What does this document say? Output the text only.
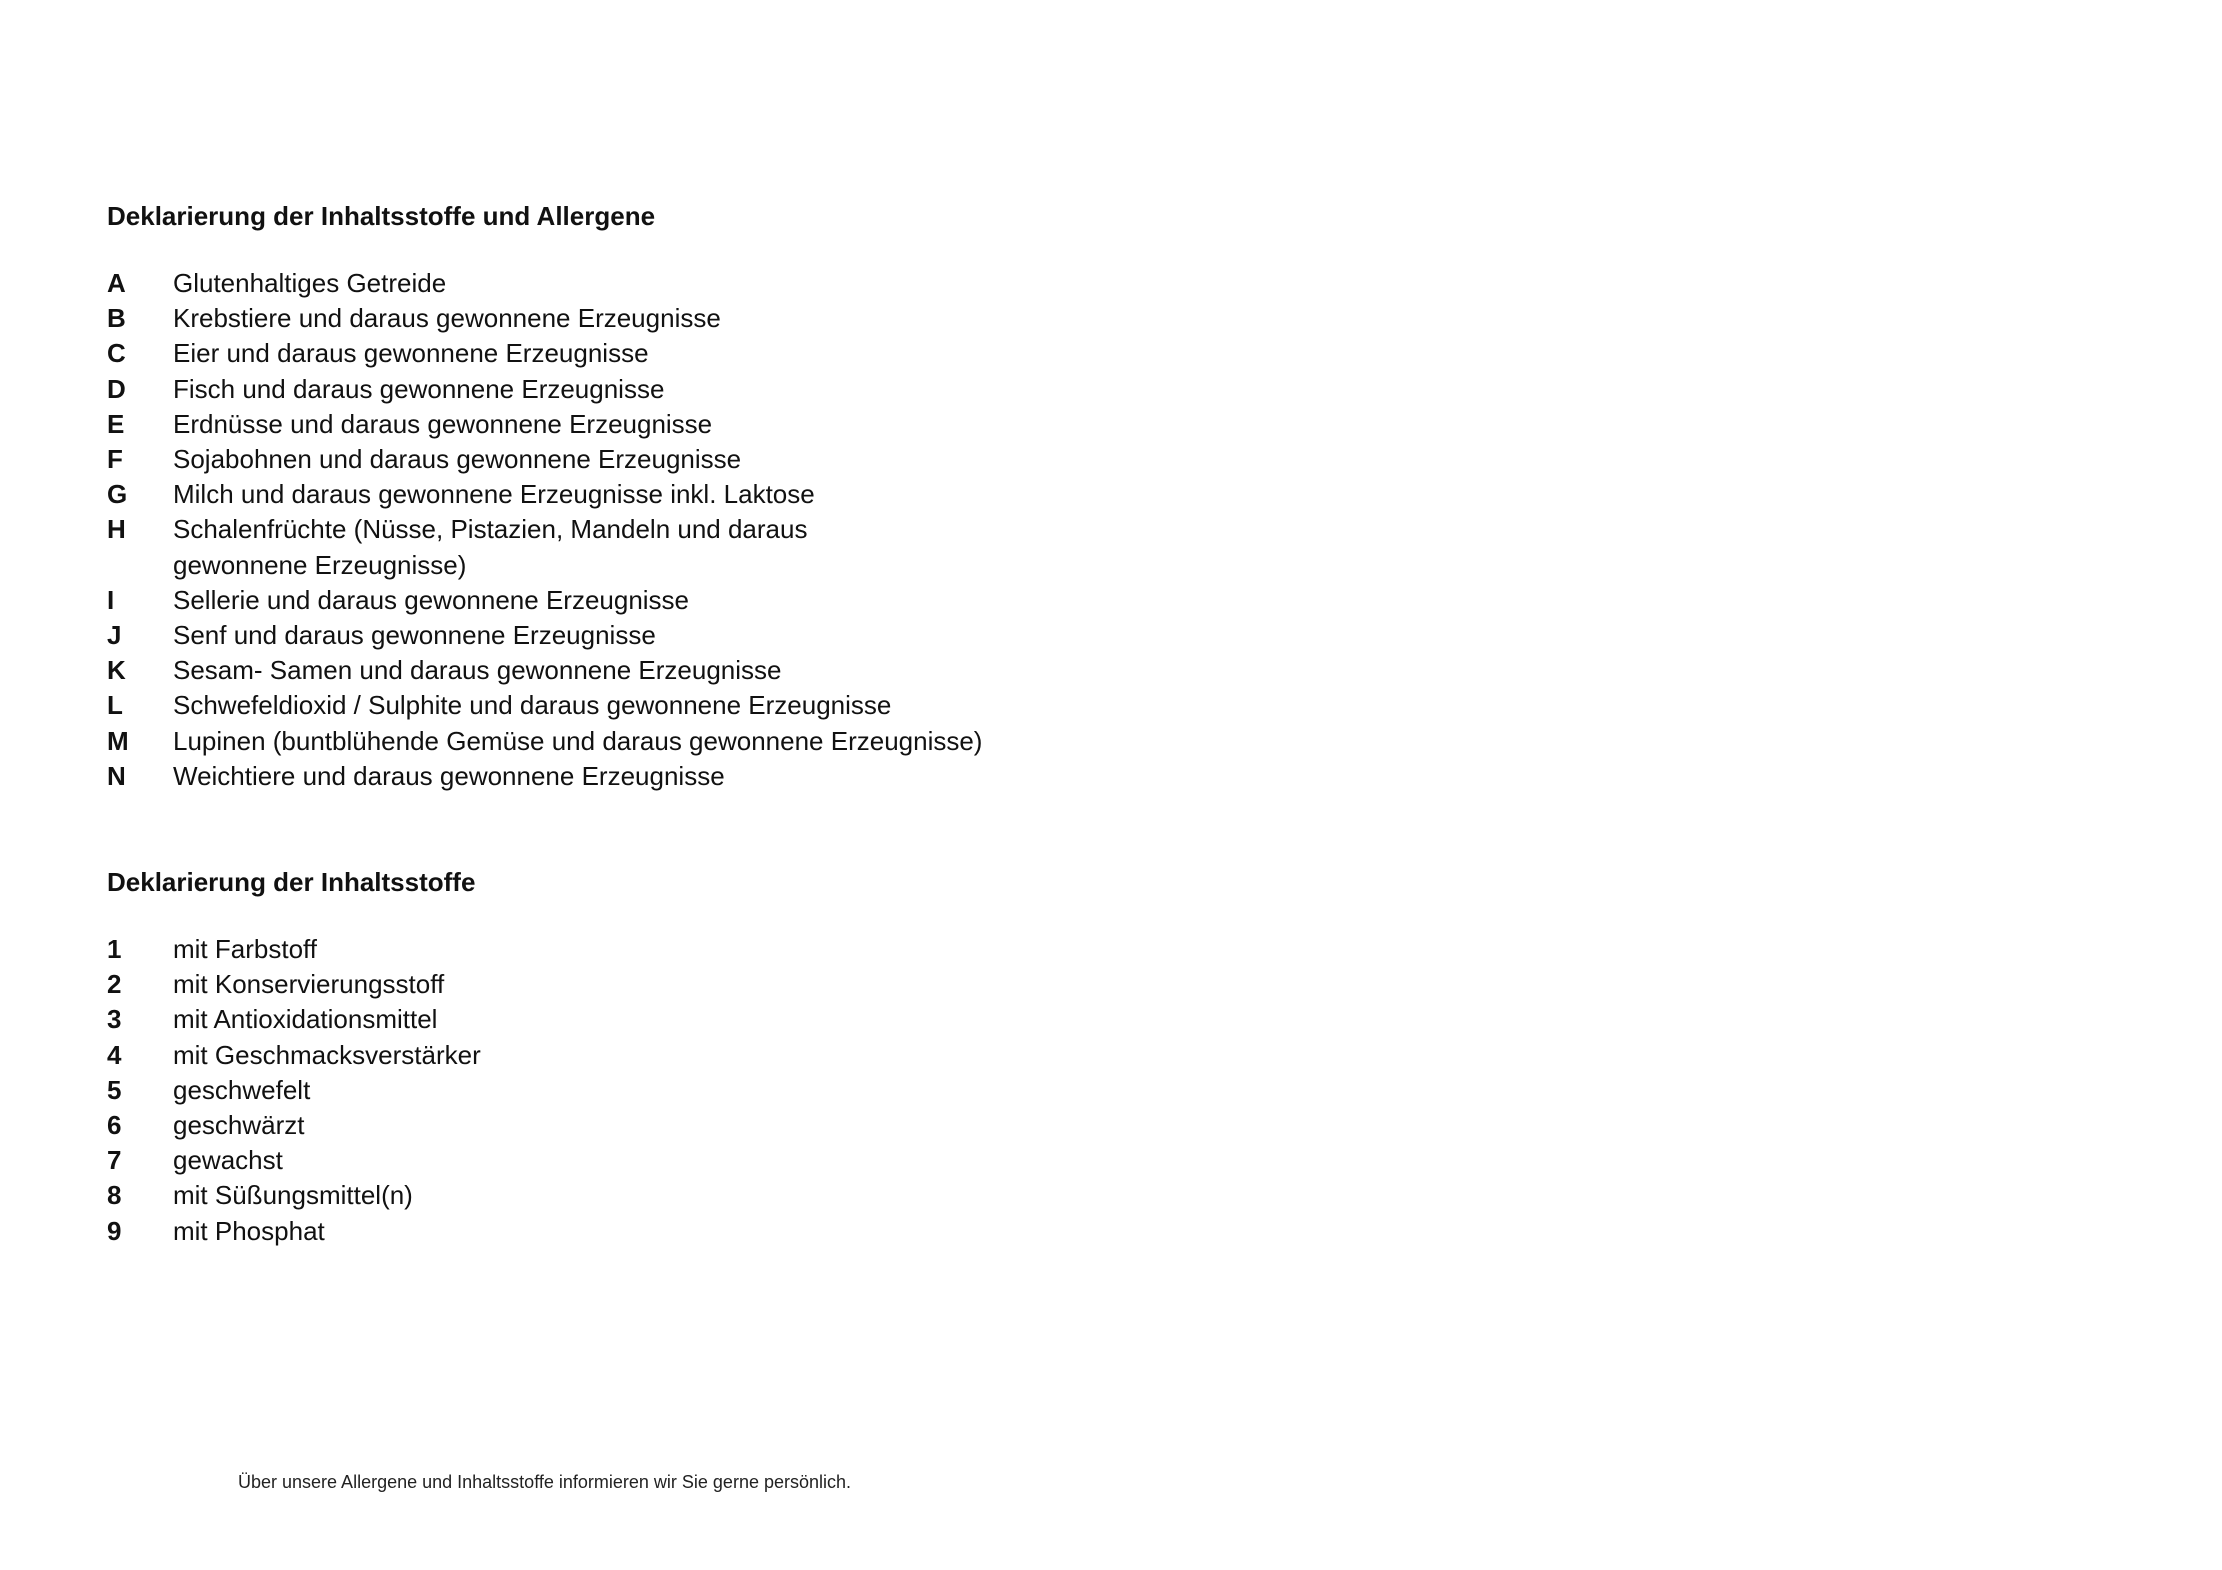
Deklarierung der Inhaltsstoffe und Allergene
A	Glutenhaltiges Getreide
B	Krebstiere und daraus gewonnene Erzeugnisse
C	Eier und daraus gewonnene Erzeugnisse
D	Fisch und daraus gewonnene Erzeugnisse
E	Erdnüsse und daraus gewonnene Erzeugnisse
F	Sojabohnen und daraus gewonnene Erzeugnisse
G	Milch und daraus gewonnene Erzeugnisse inkl. Laktose
H	Schalenfrüchte (Nüsse, Pistazien, Mandeln und daraus gewonnene Erzeugnisse)
I	Sellerie und daraus gewonnene Erzeugnisse
J	Senf und daraus gewonnene Erzeugnisse
K	Sesam- Samen und daraus gewonnene Erzeugnisse
L	Schwefeldioxid / Sulphite und daraus gewonnene Erzeugnisse
M	Lupinen (buntblühende Gemüse und daraus gewonnene Erzeugnisse)
N	Weichtiere und daraus gewonnene Erzeugnisse
Deklarierung der Inhaltsstoffe
1	mit Farbstoff
2	mit Konservierungsstoff
3	mit Antioxidationsmittel
4	mit Geschmacksverstärker
5	geschwefelt
6	geschwärzt
7	gewachst
8	mit Süßungsmittel(n)
9	mit Phosphat
Über unsere Allergene und Inhaltsstoffe informieren wir Sie gerne persönlich.
